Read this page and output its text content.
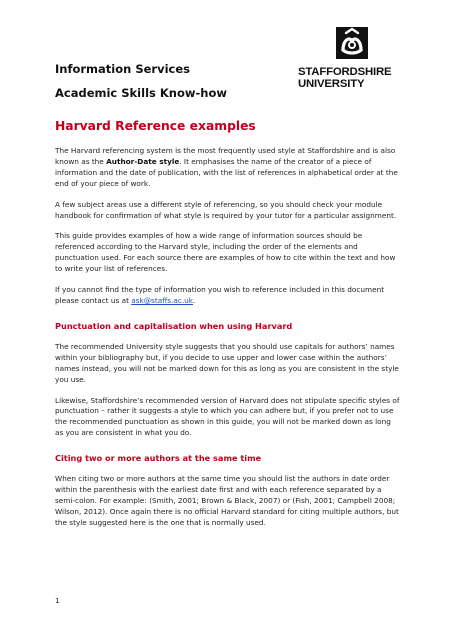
Information Services
Academic Skills Know-how
STAFFORDSHIRE
UNIVERSITY
Harvard Reference examples

The Harvard referencing system is the most frequently used style at Staffordshire and is also known as the Author-Date style. It emphasises the name of the creator of a piece of information and the date of publication, with the list of references in alphabetical order at the end of your piece of work.

A few subject areas use a different style of referencing, so you should check your module handbook for confirmation of what style is required by your tutor for a particular assignment.

This guide provides examples of how a wide range of information sources should be referenced according to the Harvard style, including the order of the elements and punctuation used. For each source there are examples of how to cite within the text and how to write your list of references.

If you cannot find the type of information you wish to reference included in this document please contact us at ask@staffs.ac.uk.

Punctuation and capitalisation when using Harvard

The recommended University style suggests that you should use capitals for authors’ names within your bibliography but, if you decide to use upper and lower case within the authors’ names instead, you will not be marked down for this as long as you are consistent in the style you use.

Likewise, Staffordshire’s recommended version of Harvard does not stipulate specific styles of punctuation – rather it suggests a style to which you can adhere but, if you prefer not to use the recommended punctuation as shown in this guide, you will not be marked down as long as you are consistent in what you do.

Citing two or more authors at the same time

When citing two or more authors at the same time you should list the authors in date order within the parenthesis with the earliest date first and with each reference separated by a semi-colon. For example: (Smith, 2001; Brown & Black, 2007) or (Fish, 2001; Campbell 2008; Wilson, 2012). Once again there is no official Harvard standard for citing multiple authors, but the style suggested here is the one that is normally used.

1
